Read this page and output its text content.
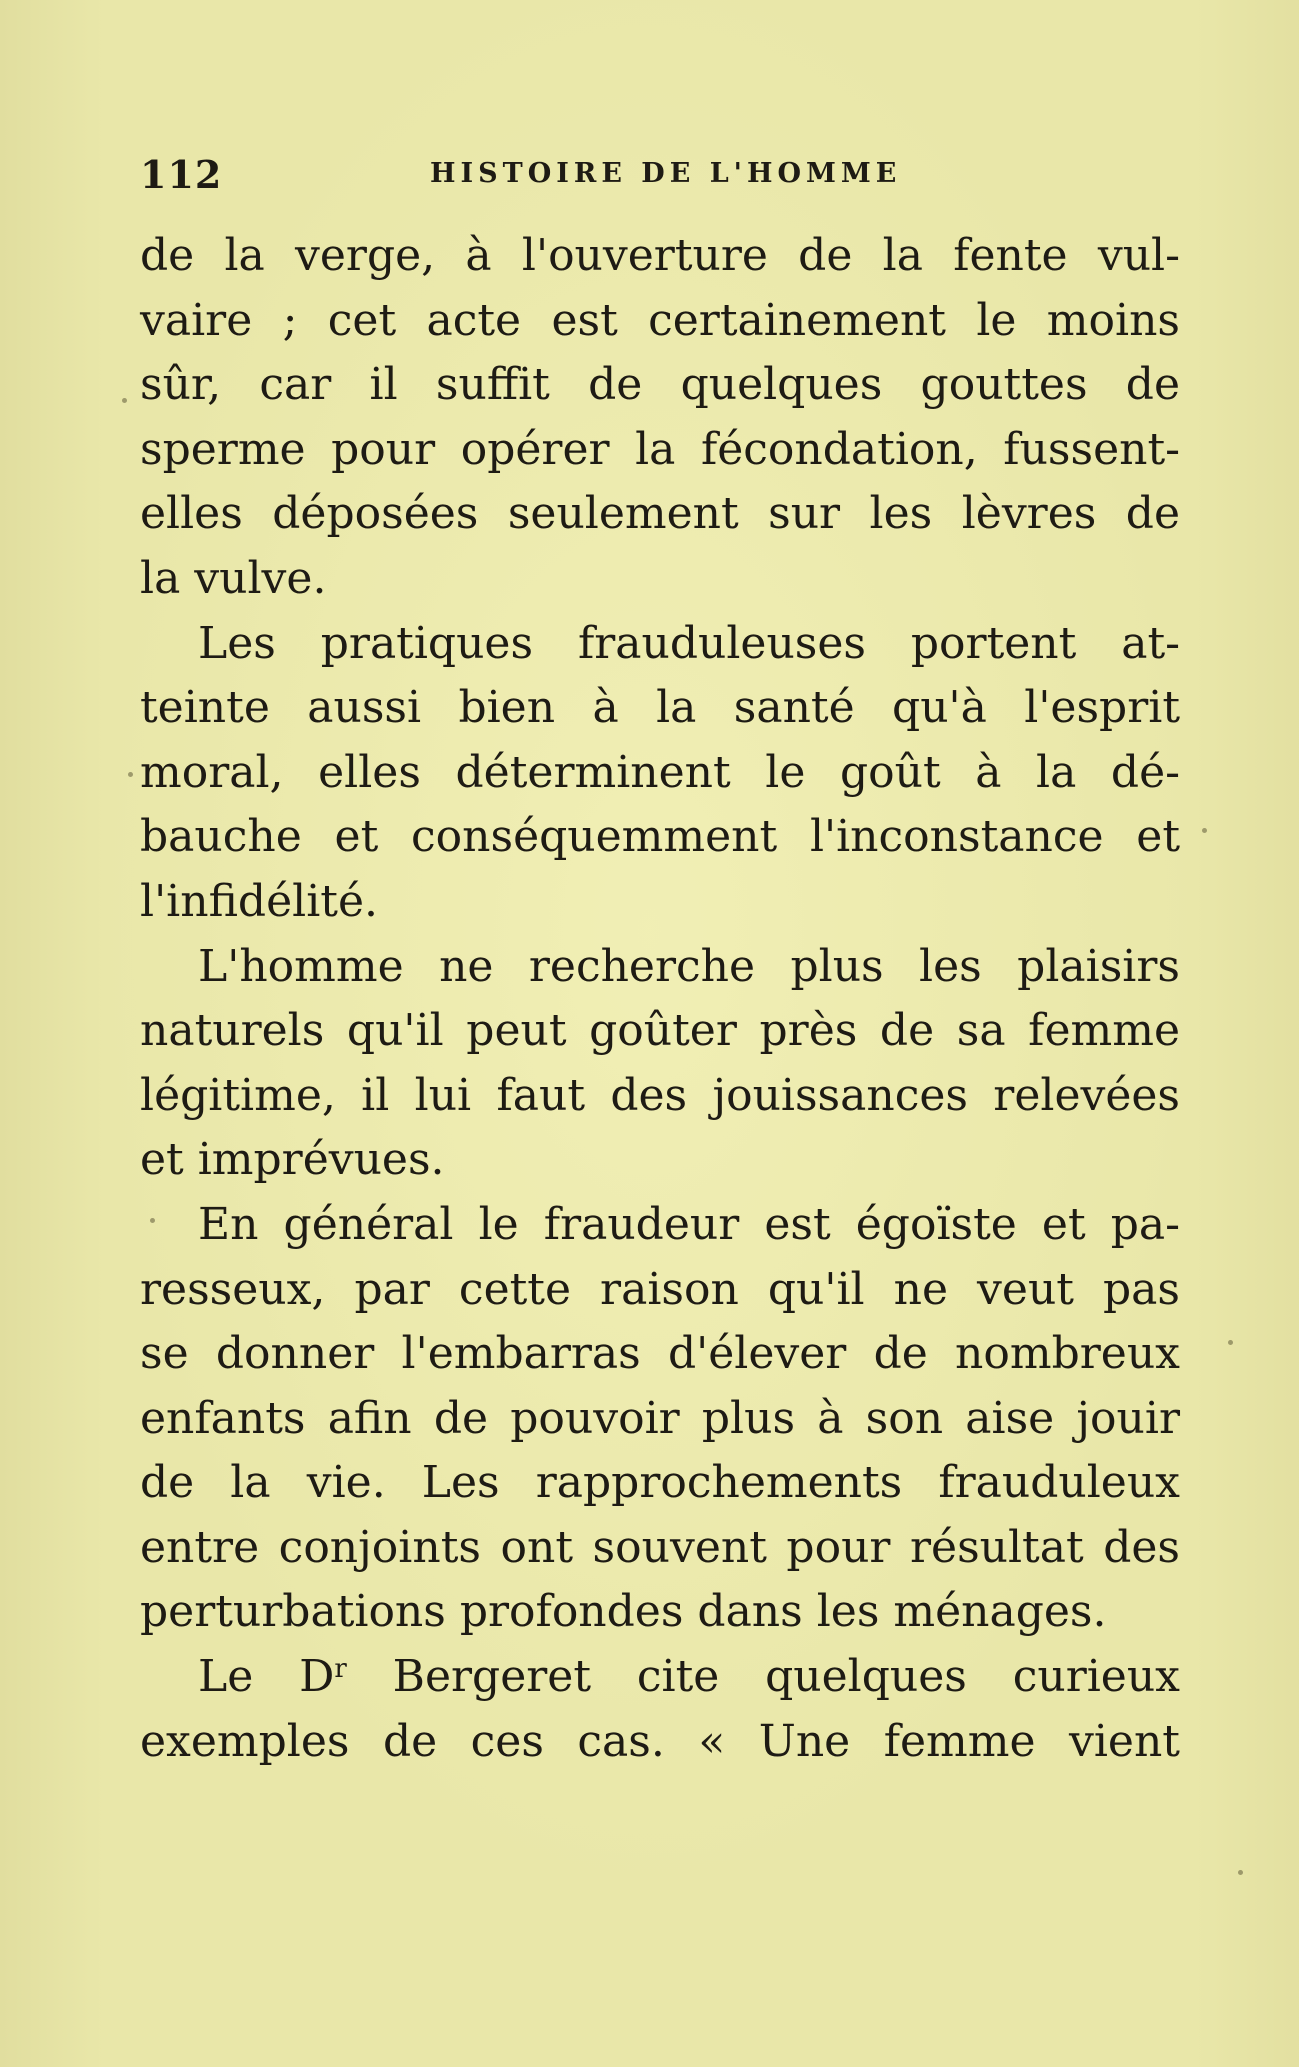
112	HISTOIRE DE L'HOMME
de la verge, à l'ouverture de la fente vul-
vaire ; cet acte est certainement le moins
sûr, car il suffit de quelques gouttes de
sperme pour opérer la fécondation, fussent-
elles déposées seulement sur les lèvres de
la vulve.
Les pratiques frauduleuses portent at-
teinte aussi bien à la santé qu'à l'esprit
moral, elles déterminent le goût à la dé-
bauche et conséquemment l'inconstance et
l'infidélité.
L'homme ne recherche plus les plaisirs
naturels qu'il peut goûter près de sa femme
légitime, il lui faut des jouissances relevées
et imprévues.
En général le fraudeur est égoïste et pa-
resseux, par cette raison qu'il ne veut pas
se donner l'embarras d'élever de nombreux
enfants afin de pouvoir plus à son aise jouir
de la vie. Les rapprochements frauduleux
entre conjoints ont souvent pour résultat des
perturbations profondes dans les ménages.
Le $D^r$ Bergeret cite quelques curieux
exemples de ces cas. « Une femme vient
